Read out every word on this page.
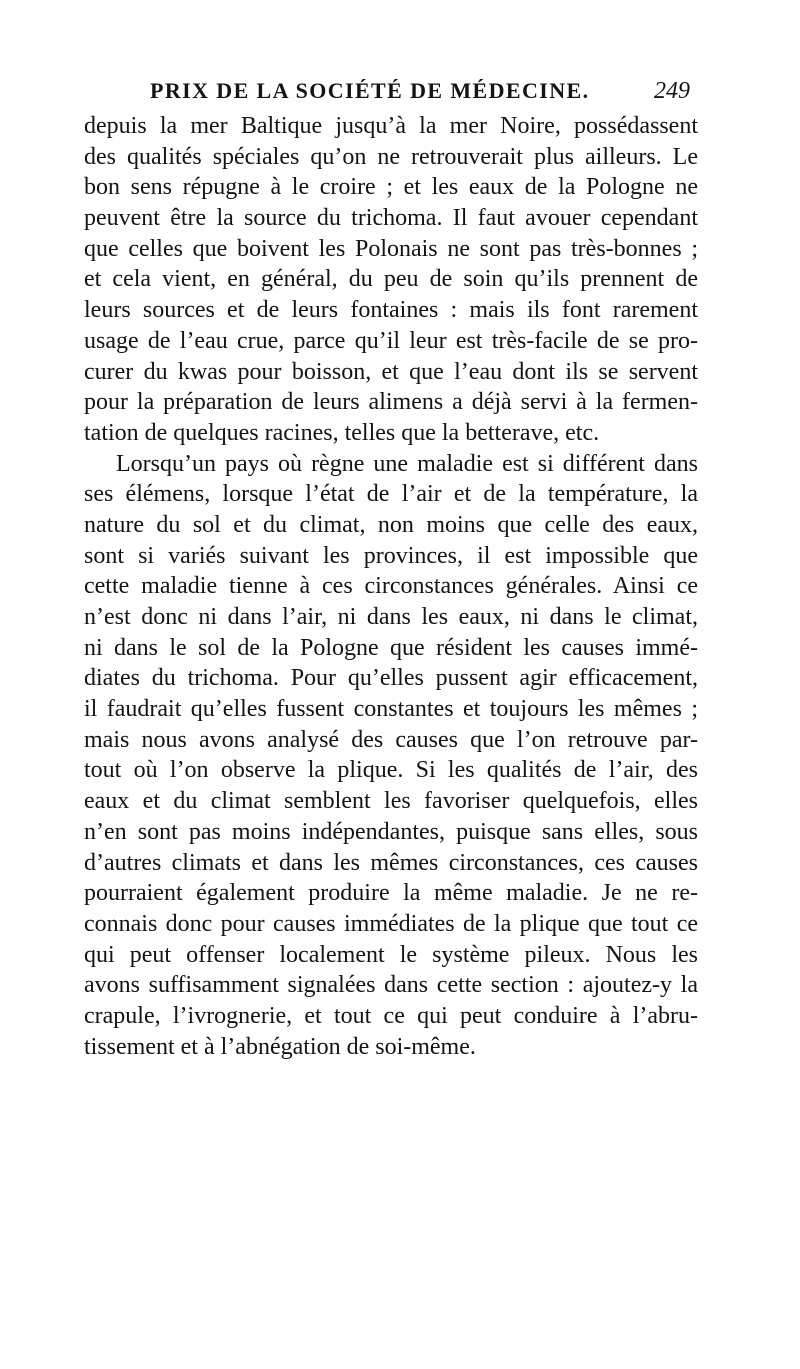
PRIX DE LA SOCIÉTÉ DE MÉDECINE.	249
depuis la mer Baltique jusqu’à la mer Noire, possédassent
des qualités spéciales qu’on ne retrouverait plus ailleurs. Le
bon sens répugne à le croire ; et les eaux de la Pologne ne
peuvent être la source du trichoma. Il faut avouer cependant
que celles que boivent les Polonais ne sont pas très-bonnes ;
et cela vient, en général, du peu de soin qu’ils prennent de
leurs sources et de leurs fontaines : mais ils font rarement
usage de l’eau crue, parce qu’il leur est très-facile de se pro-
curer du kwas pour boisson, et que l’eau dont ils se servent
pour la préparation de leurs alimens a déjà servi à la fermen-
tation de quelques racines, telles que la betterave, etc.
Lorsqu’un pays où règne une maladie est si différent dans
ses élémens, lorsque l’état de l’air et de la température, la
nature du sol et du climat, non moins que celle des eaux,
sont si variés suivant les provinces, il est impossible que
cette maladie tienne à ces circonstances générales. Ainsi ce
n’est donc ni dans l’air, ni dans les eaux, ni dans le climat,
ni dans le sol de la Pologne que résident les causes immé-
diates du trichoma. Pour qu’elles pussent agir efficacement,
il faudrait qu’elles fussent constantes et toujours les mêmes ;
mais nous avons analysé des causes que l’on retrouve par-
tout où l’on observe la plique. Si les qualités de l’air, des
eaux et du climat semblent les favoriser quelquefois, elles
n’en sont pas moins indépendantes, puisque sans elles, sous
d’autres climats et dans les mêmes circonstances, ces causes
pourraient également produire la même maladie. Je ne re-
connais donc pour causes immédiates de la plique que tout ce
qui peut offenser localement le système pileux. Nous les
avons suffisamment signalées dans cette section : ajoutez-y la
crapule, l’ivrognerie, et tout ce qui peut conduire à l’abru-
tissement et à l’abnégation de soi-même.
